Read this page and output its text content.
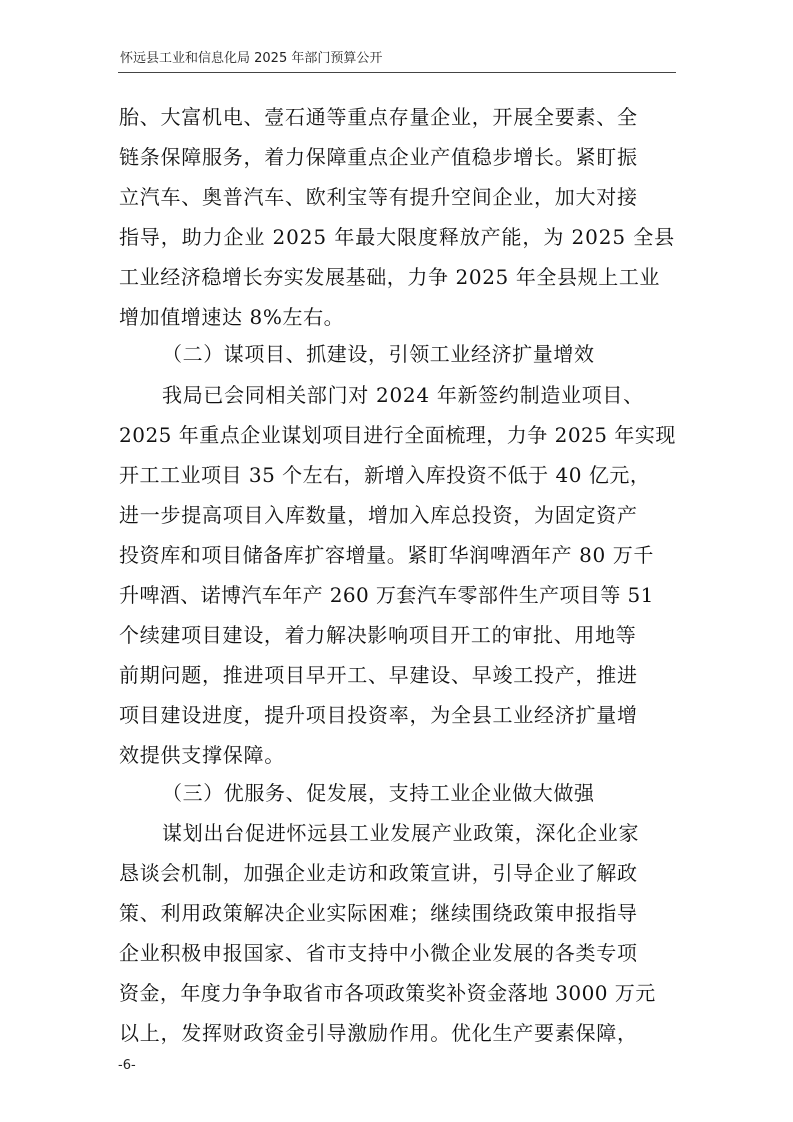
怀远县工业和信息化局 2025 年部门预算公开
胎、大富机电、壹石通等重点存量企业，开展全要素、全
链条保障服务，着力保障重点企业产值稳步增长。紧盯振
立汽车、奥普汽车、欧利宝等有提升空间企业，加大对接
指导，助力企业 2025 年最大限度释放产能，为 2025 全县
工业经济稳增长夯实发展基础，力争 2025 年全县规上工业
增加值增速达 8%左右。
（二）谋项目、抓建设，引领工业经济扩量增效
我局已会同相关部门对 2024 年新签约制造业项目、
2025 年重点企业谋划项目进行全面梳理，力争 2025 年实现
开工工业项目 35 个左右，新增入库投资不低于 40 亿元，
进一步提高项目入库数量，增加入库总投资，为固定资产
投资库和项目储备库扩容增量。紧盯华润啤酒年产 80 万千
升啤酒、诺博汽车年产 260 万套汽车零部件生产项目等 51
个续建项目建设，着力解决影响项目开工的审批、用地等
前期问题，推进项目早开工、早建设、早竣工投产，推进
项目建设进度，提升项目投资率，为全县工业经济扩量增
效提供支撑保障。
（三）优服务、促发展，支持工业企业做大做强
谋划出台促进怀远县工业发展产业政策，深化企业家
恳谈会机制，加强企业走访和政策宣讲，引导企业了解政
策、利用政策解决企业实际困难；继续围绕政策申报指导
企业积极申报国家、省市支持中小微企业发展的各类专项
资金，年度力争争取省市各项政策奖补资金落地 3000 万元
以上，发挥财政资金引导激励作用。优化生产要素保障，
-6-
